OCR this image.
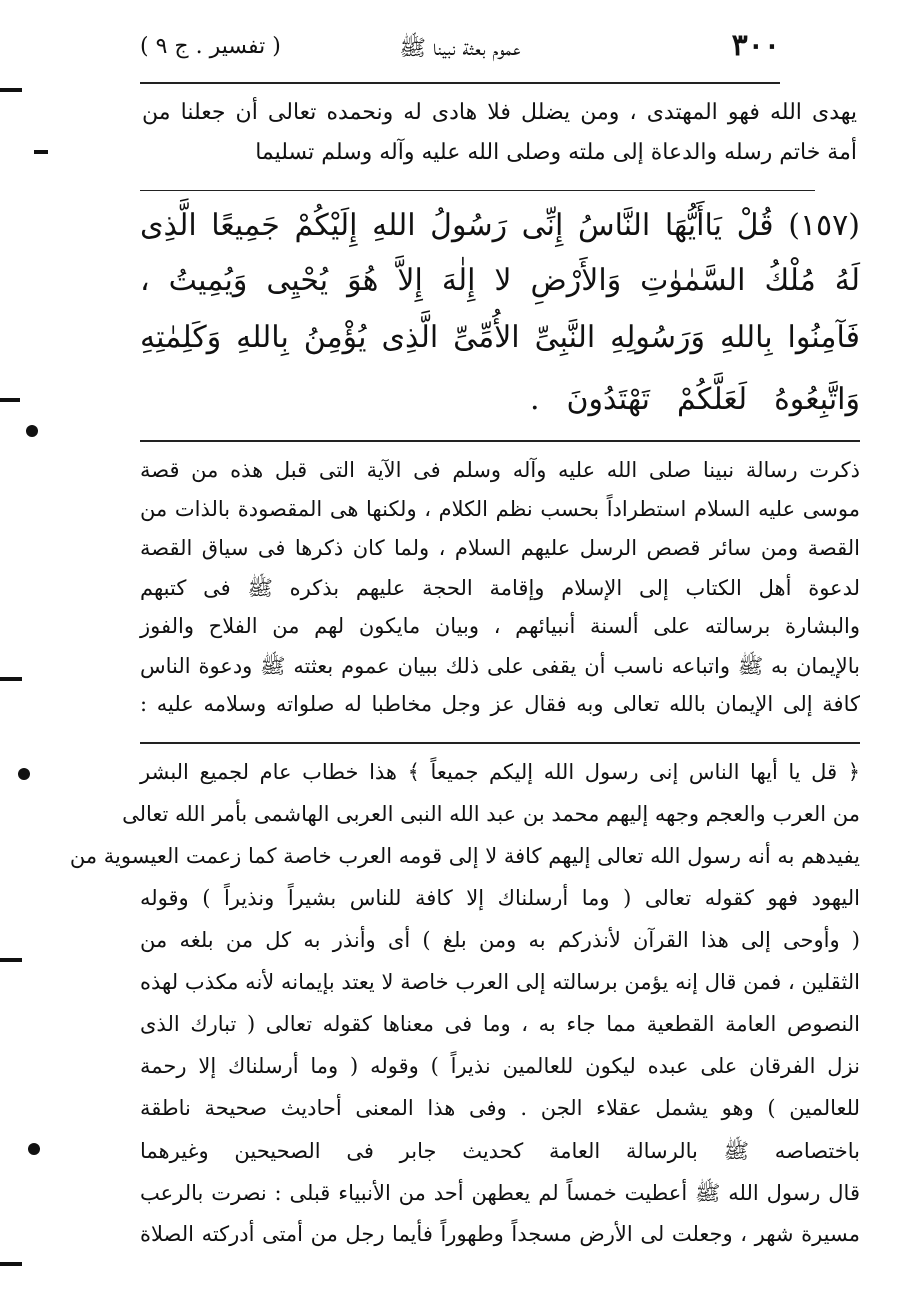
٣٠٠
عموم بعثة نبينا ﷺ
( تفسير . ج ٩ )
يهدى الله فهو المهتدى ، ومن يضلل فلا هادى له ونحمده تعالى أن جعلنا من
أمة خاتم رسله والدعاة إلى ملته وصلى الله عليه وآله وسلم تسليما
(١٥٧) قُلْ يَاأَيُّهَا النَّاسُ إِنِّى رَسُولُ اللهِ إِلَيْكُمْ جَمِيعًا الَّذِى
لَهُ مُلْكُ السَّمٰوٰتِ وَالأَرْضِ لا إِلٰهَ إِلاَّ هُوَ يُحْيِى وَيُمِيتُ ،
فَآمِنُوا بِاللهِ وَرَسُولِهِ النَّبِىِّ الأُمِّىِّ الَّذِى يُؤْمِنُ بِاللهِ وَكَلِمٰتِهِ
وَاتَّبِعُوهُ لَعَلَّكُمْ تَهْتَدُونَ .
ذكرت رسالة نبينا صلى الله عليه وآله وسلم فى الآية التى قبل هذه من قصة
موسى عليه السلام استطراداً بحسب نظم الكلام ، ولكنها هى المقصودة بالذات من
القصة ومن سائر قصص الرسل عليهم السلام ، ولما كان ذكرها فى سياق القصة
لدعوة أهل الكتاب إلى الإسلام وإقامة الحجة عليهم بذكره ﷺ فى كتبهم
والبشارة برسالته على ألسنة أنبيائهم ، وبيان مايكون لهم من الفلاح والفوز
بالإيمان به ﷺ واتباعه ناسب أن يقفى على ذلك ببيان عموم بعثته ﷺ ودعوة الناس
كافة إلى الإيمان بالله تعالى وبه فقال عز وجل مخاطبا له صلواته وسلامه عليه :
﴿ قل يا أيها الناس إنى رسول الله إليكم جميعاً ﴾ هذا خطاب عام لجميع البشر
من العرب والعجم وجهه إليهم محمد بن عبد الله النبى العربى الهاشمى بأمر الله تعالى
يفيدهم به أنه رسول الله تعالى إليهم كافة لا إلى قومه العرب خاصة كما زعمت العيسوية من
اليهود فهو كقوله تعالى ( وما أرسلناك إلا كافة للناس بشيراً ونذيراً ) وقوله
( وأوحى إلى هذا القرآن لأنذركم به ومن بلغ ) أى وأنذر به كل من بلغه من
الثقلين ، فمن قال إنه يؤمن برسالته إلى العرب خاصة لا يعتد بإيمانه لأنه مكذب لهذه
النصوص العامة القطعية مما جاء به ، وما فى معناها كقوله تعالى ( تبارك الذى
نزل الفرقان على عبده ليكون للعالمين نذيراً ) وقوله ( وما أرسلناك إلا رحمة
للعالمين ) وهو يشمل عقلاء الجن . وفى هذا المعنى أحاديث صحيحة ناطقة
باختصاصه ﷺ بالرسالة العامة كحديث جابر فى الصحيحين وغيرهما
قال رسول الله ﷺ أعطيت خمساً لم يعطهن أحد من الأنبياء قبلى : نصرت بالرعب
مسيرة شهر ، وجعلت لى الأرض مسجداً وطهوراً فأيما رجل من أمتى أدركته الصلاة
